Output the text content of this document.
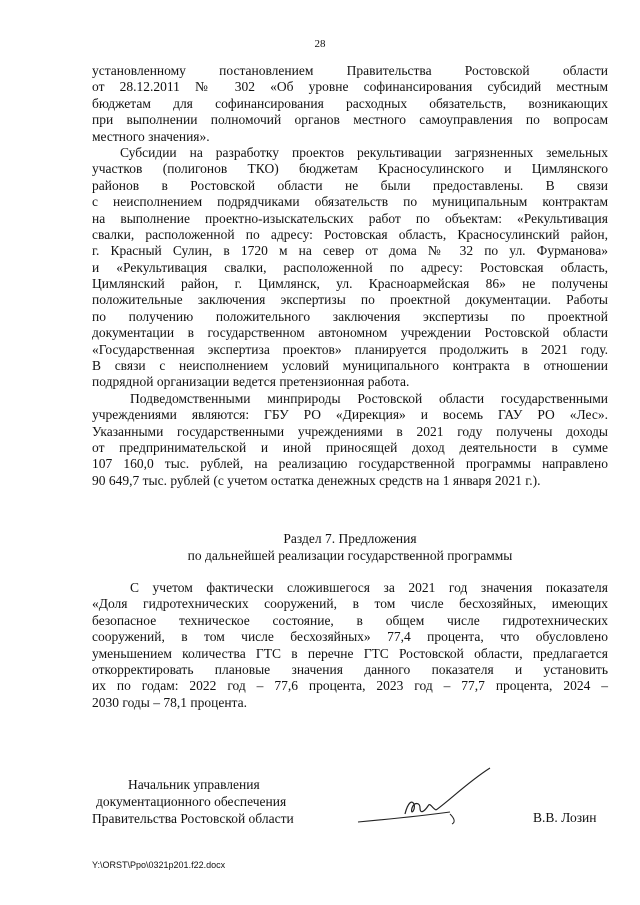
28
установленному постановлением Правительства Ростовской области
от 28.12.2011 № 302 «Об уровне софинансирования субсидий местным
бюджетам для софинансирования расходных обязательств, возникающих
при выполнении полномочий органов местного самоуправления по вопросам
местного значения».
Субсидии на разработку проектов рекультивации загрязненных земельных
участков (полигонов ТКО) бюджетам Красносулинского и Цимлянского
районов в Ростовской области не были предоставлены. В связи
с неисполнением подрядчиками обязательств по муниципальным контрактам
на выполнение проектно-изыскательских работ по объектам: «Рекультивация
свалки, расположенной по адресу: Ростовская область, Красносулинский район,
г. Красный Сулин, в 1720 м на север от дома № 32 по ул. Фурманова»
и «Рекультивация свалки, расположенной по адресу: Ростовская область,
Цимлянский район, г. Цимлянск, ул. Красноармейская 86» не получены
положительные заключения экспертизы по проектной документации. Работы
по получению положительного заключения экспертизы по проектной
документации в государственном автономном учреждении Ростовской области
«Государственная экспертиза проектов» планируется продолжить в 2021 году.
В связи с неисполнением условий муниципального контракта в отношении
подрядной организации ведется претензионная работа.
Подведомственными минприроды Ростовской области государственными
учреждениями являются: ГБУ РО «Дирекция» и восемь ГАУ РО «Лес».
Указанными государственными учреждениями в 2021 году получены доходы
от предпринимательской и иной приносящей доход деятельности в сумме
107 160,0 тыс. рублей, на реализацию государственной программы направлено
90 649,7 тыс. рублей (с учетом остатка денежных средств на 1 января 2021 г.).
Раздел 7. Предложения
по дальнейшей реализации государственной программы
С учетом фактически сложившегося за 2021 год значения показателя
«Доля гидротехнических сооружений, в том числе бесхозяйных, имеющих
безопасное техническое состояние, в общем числе гидротехнических
сооружений, в том числе бесхозяйных» 77,4 процента, что обусловлено
уменьшением количества ГТС в перечне ГТС Ростовской области, предлагается
откорректировать плановые значения данного показателя и установить
их по годам: 2022 год – 77,6 процента, 2023 год – 77,7 процента, 2024 –
2030 годы – 78,1 процента.
Начальник управления
документационного обеспечения
Правительства Ростовской области	В.В. Лозин
Y:\ORST\Ppo\0321p201.f22.docx
